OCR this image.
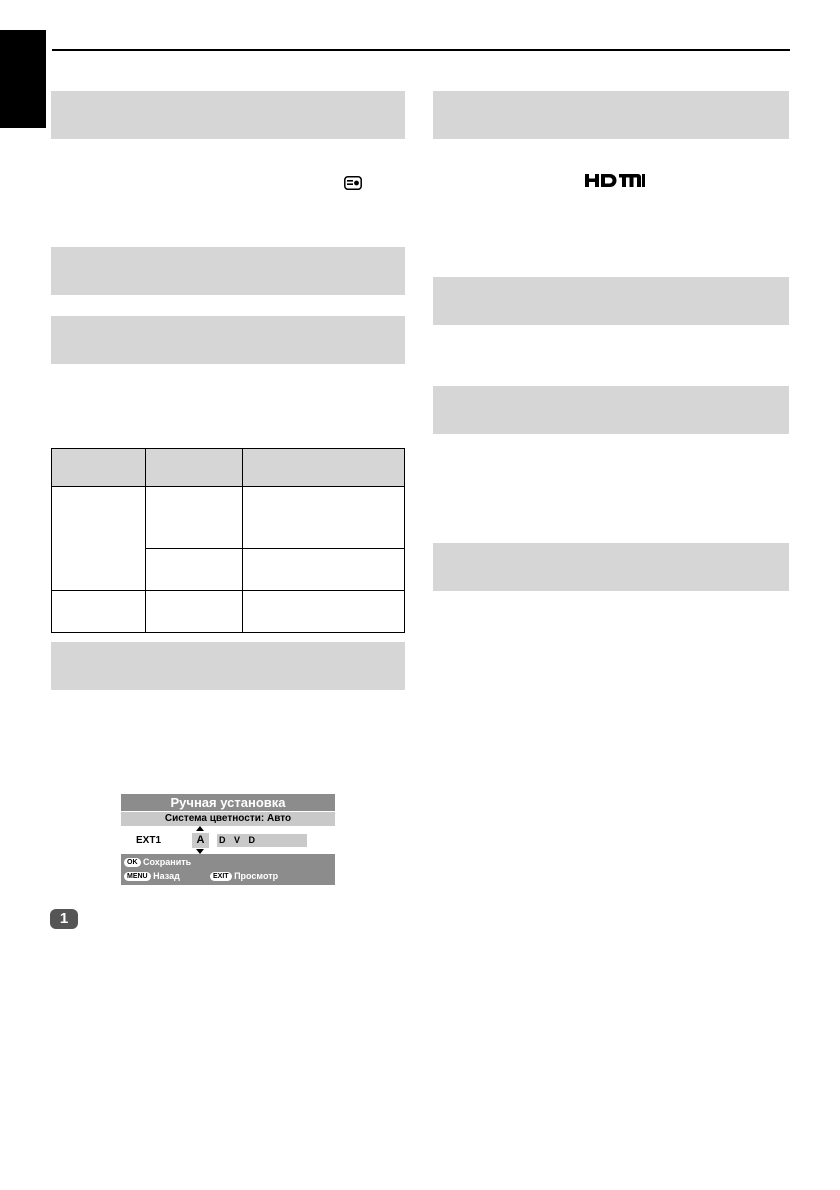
Ручная установка
Система цветности: Авто
EXT1	A	D V D
OK Сохранить
MENU Назад	EXIT Просмотр
1
